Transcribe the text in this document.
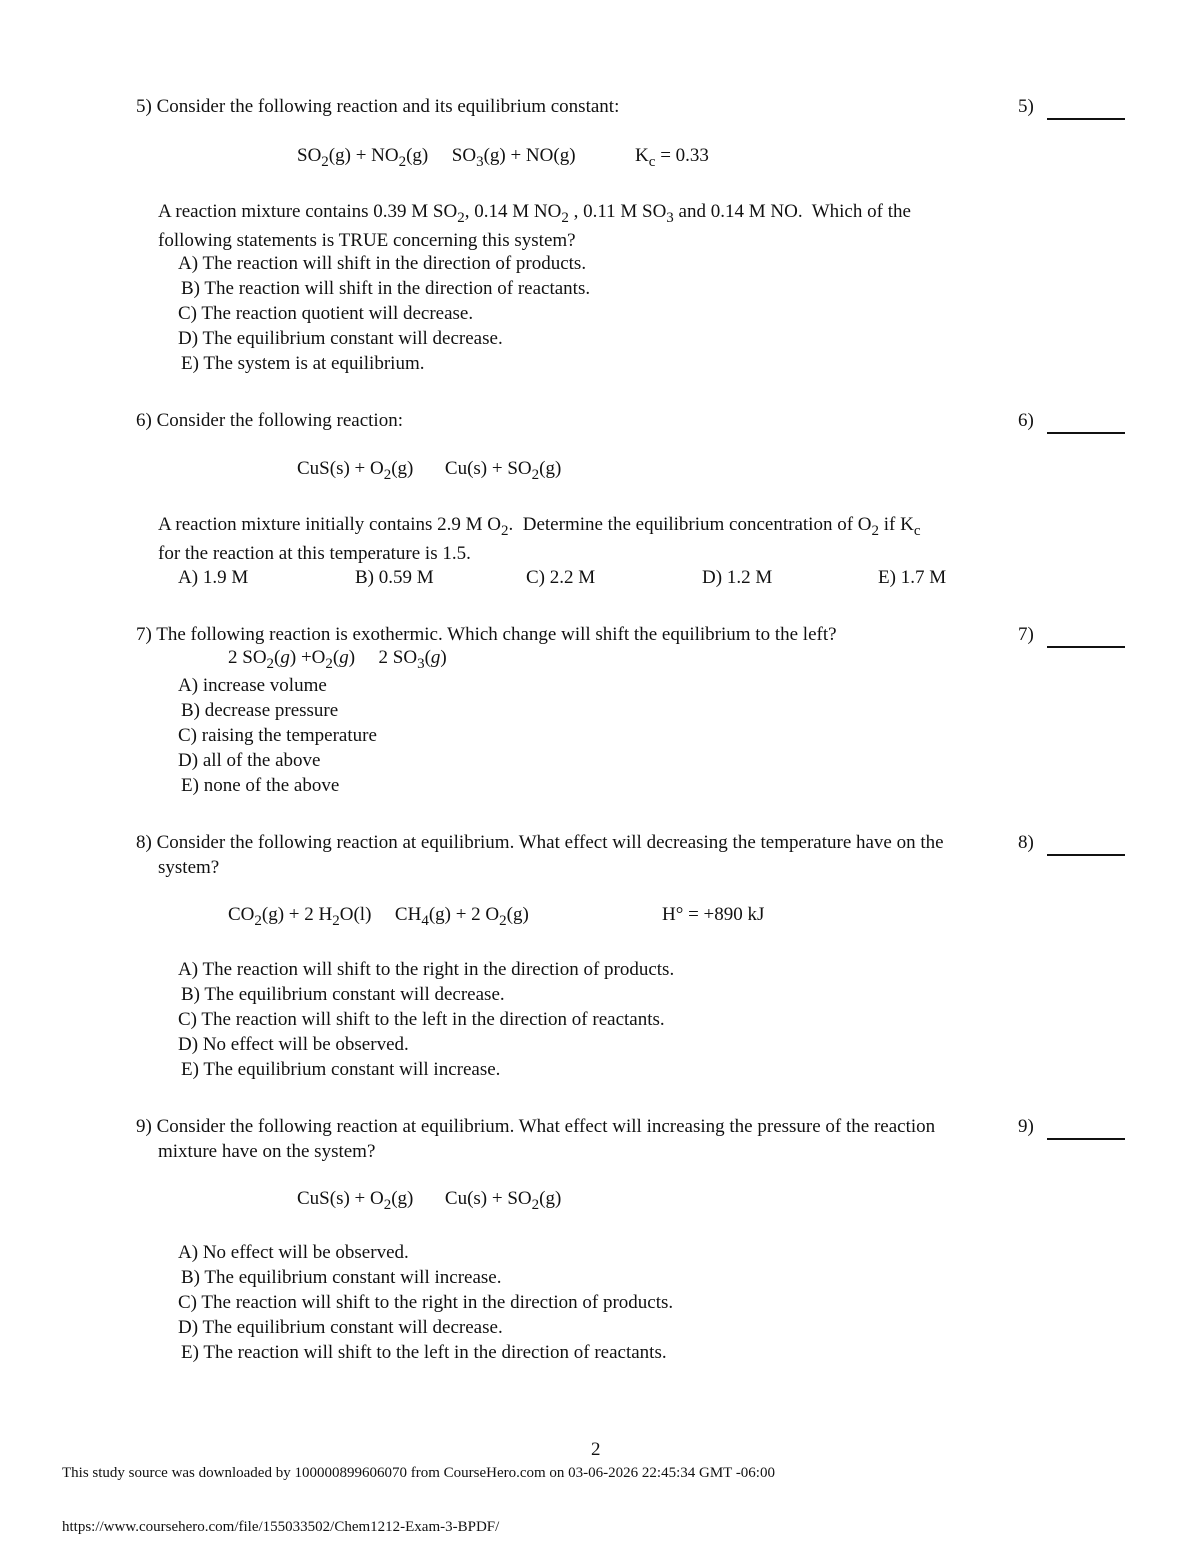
5) Consider the following reaction and its equilibrium constant:	5)
$SO_2(g) + NO_2(g) SO_3(g) + NO(g)$	$K_c = 0.33$
A reaction mixture contains 0.39 M $SO_2$, 0.14 M $NO_2$ , 0.11 M $SO_3$ and 0.14 M NO.  Which of the
following statements is TRUE concerning this system?
A) The reaction will shift in the direction of products.
B) The reaction will shift in the direction of reactants.
C) The reaction quotient will decrease.
D) The equilibrium constant will decrease.
E) The system is at equilibrium.
6) Consider the following reaction:	6)
$CuS(s) + O_2(g) Cu(s) + SO_2(g)$
A reaction mixture initially contains 2.9 M $O_2$.  Determine the equilibrium concentration of $O_2$ if $K_c$
for the reaction at this temperature is 1.5.
A) 1.9 M	B) 0.59 M	C) 2.2 M	D) 1.2 M	E) 1.7 M
7) The following reaction is exothermic. Which change will shift the equilibrium to the left?	7)
2 $SO_2(g) +O_2(g)$ 2 $SO_3(g)$
A) increase volume
B) decrease pressure
C) raising the temperature
D) all of the above
E) none of the above
8) Consider the following reaction at equilibrium. What effect will decreasing the temperature have on the
system?
8)
$CO_2(g) + 2$ $H_2O(l) CH_4(g) + 2$ $O_2(g)$	H° = +890 kJ
A) The reaction will shift to the right in the direction of products.
B) The equilibrium constant will decrease.
C) The reaction will shift to the left in the direction of reactants.
D) No effect will be observed.
E) The equilibrium constant will increase.
9) Consider the following reaction at equilibrium. What effect will increasing the pressure of the reaction
mixture have on the system?
9)
$CuS(s) + O_2(g) Cu(s) + SO_2(g)$
A) No effect will be observed.
B) The equilibrium constant will increase.
C) The reaction will shift to the right in the direction of products.
D) The equilibrium constant will decrease.
E) The reaction will shift to the left in the direction of reactants.
2
This study source was downloaded by 100000899606070 from CourseHero.com on 03-06-2026 22:45:34 GMT -06:00
https://www.coursehero.com/file/155033502/Chem1212-Exam-3-BPDF/
